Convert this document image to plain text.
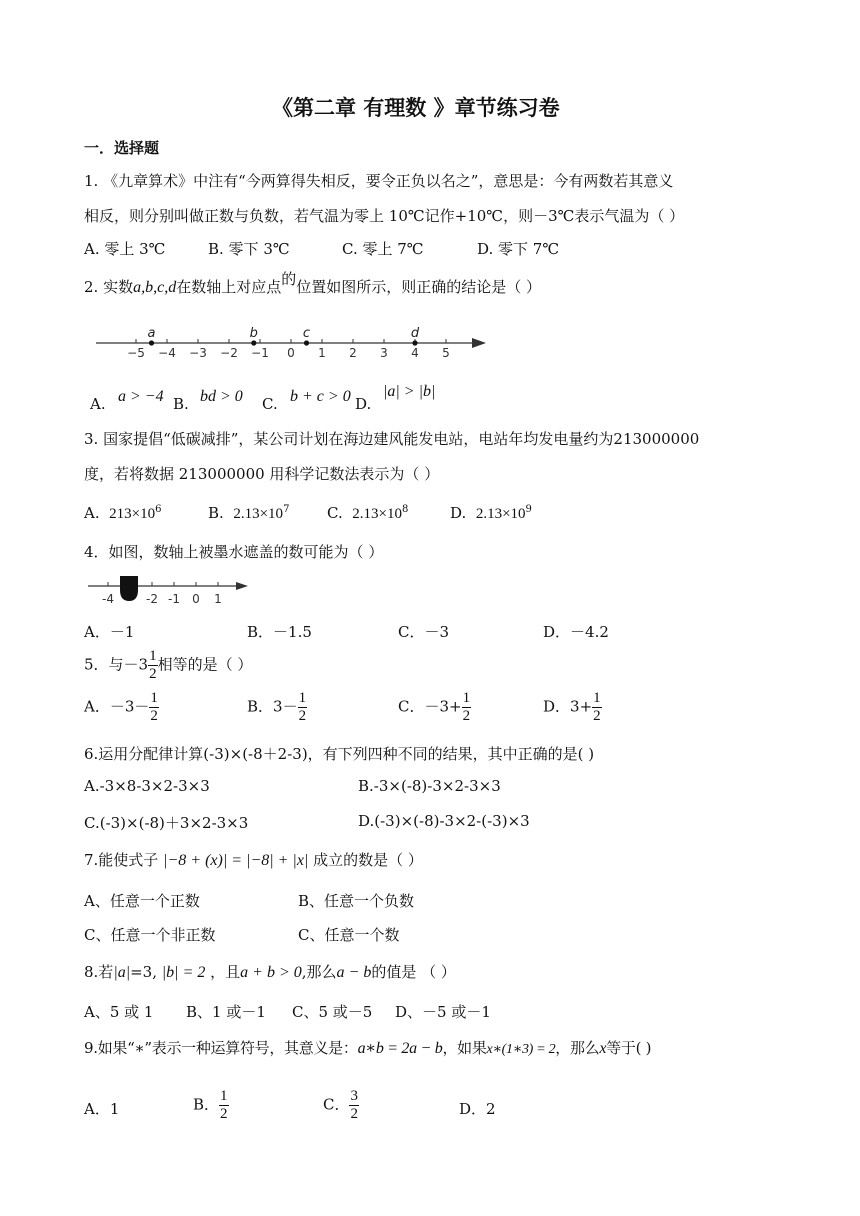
《第二章 有理数 》章节练习卷
一．选择题
1. 《九章算术》中注有“今两算得失相反，要令正负以名之”，意思是：今有两数若其意义
相反，则分别叫做正数与负数，若气温为零上 10℃记作+10℃，则－3℃表示气温为（ ）
A. 零上 3℃	B. 零下 3℃	C. 零上 7℃	D. 零下 7℃
2. 实数a,b,c,d在数轴上对应点的位置如图所示，则正确的结论是（ ）
−5 −4 −3 −2 −1 0 1 2 3 4 5
a	b	c	d
A. a > −4 B. bd > 0 C. b + c > 0 D.
|a| > |b|
3. 国家提倡“低碳减排”，某公司计划在海边建风能发电站，电站年均发电量约为213000000
度，若将数据 213000000 用科学记数法表示为（ ）
A. $213\times 10^6$	B. $2.13\times 10^7$	C. $2.13\times 10^8$	D. $2.13\times 10^9$
4．如图，数轴上被墨水遮盖的数可能为（ ）
-4	-2 -1 0 1
A．－1	B．－1.5	C．－3	D．－4.2
5．与$-3 \frac{1}{2}$ 相等的是（ ）
A．$-3- \frac{1}{2}$	B．$3- \frac{1}{2}$	C．$-3+ \frac{1}{2}$	D．$3+ \frac{1}{2}$
6.运用分配律计算(-3)×(-8＋2-3)，有下列四种不同的结果，其中正确的是( )
A.-3×8-3×2-3×3	B.-3×(-8)-3×2-3×3
C.(-3)×(-8)＋3×2-3×3	D.(-3)×(-8)-3×2-(-3)×3
7.能使式子 |−8 + (x)| = |−8| + |x| 成立的数是（ ）
A、任意一个正数	B、任意一个负数
C、任意一个非正数	C、任意一个数
8.若|a|=3, |b| = 2 ，且a + b > 0,那么a − b的值是 （ ）
A、5 或 1 B、1 或－1 C、5 或－5 D、－5 或－1
9.如果“∗”表示一种运算符号，其意义是：a∗b = 2a − b，如果x∗(1∗3) = 2，那么x等于( )
A．1	B． $\frac{1}{2}$	C． $\frac{3}{2}$	D．2
